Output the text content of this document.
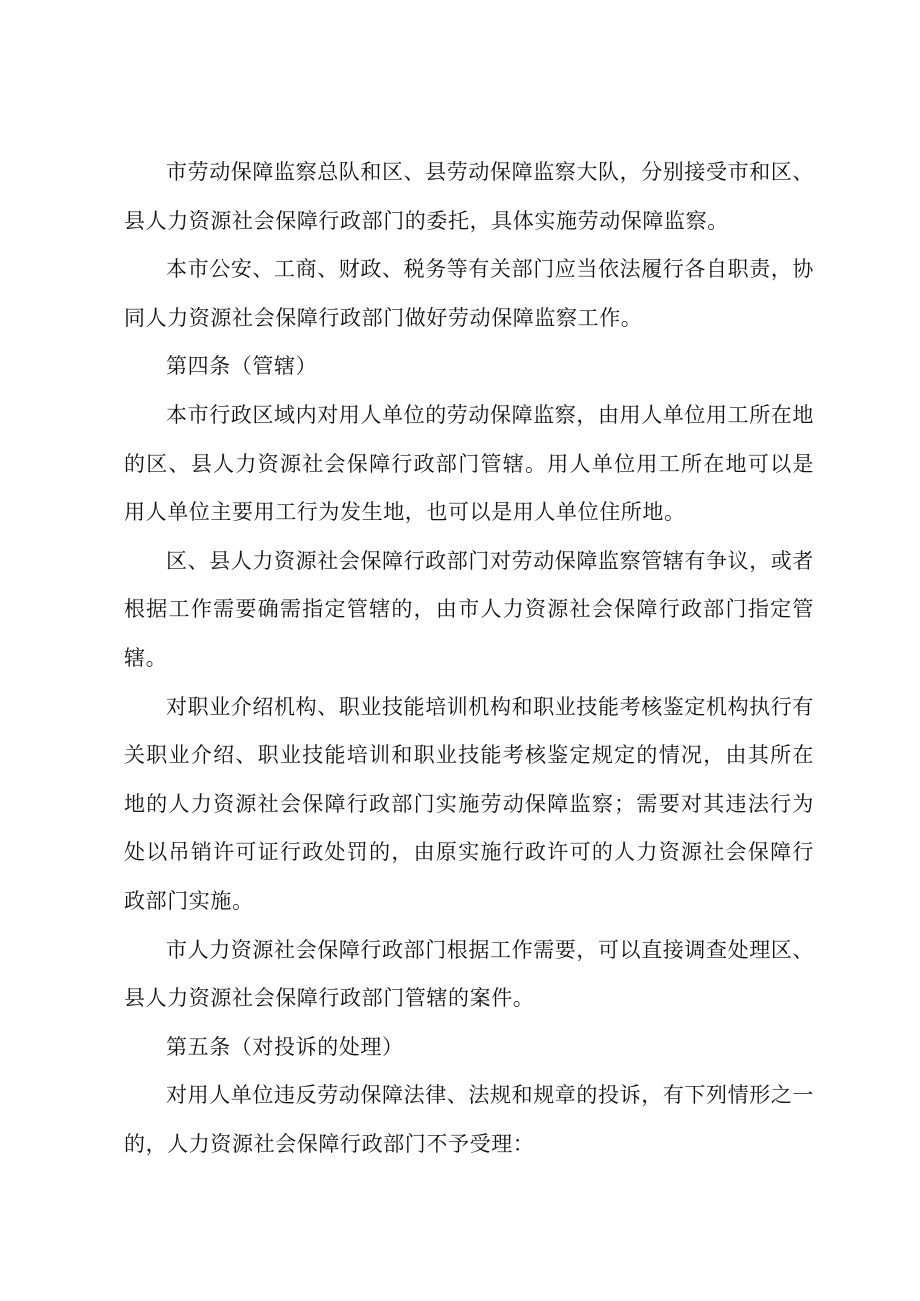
市劳动保障监察总队和区、县劳动保障监察大队，分别接受市和区、县人力资源社会保障行政部门的委托，具体实施劳动保障监察。

本市公安、工商、财政、税务等有关部门应当依法履行各自职责，协同人力资源社会保障行政部门做好劳动保障监察工作。

第四条（管辖）

本市行政区域内对用人单位的劳动保障监察，由用人单位用工所在地的区、县人力资源社会保障行政部门管辖。用人单位用工所在地可以是用人单位主要用工行为发生地，也可以是用人单位住所地。

区、县人力资源社会保障行政部门对劳动保障监察管辖有争议，或者根据工作需要确需指定管辖的，由市人力资源社会保障行政部门指定管辖。

对职业介绍机构、职业技能培训机构和职业技能考核鉴定机构执行有关职业介绍、职业技能培训和职业技能考核鉴定规定的情况，由其所在地的人力资源社会保障行政部门实施劳动保障监察；需要对其违法行为处以吊销许可证行政处罚的，由原实施行政许可的人力资源社会保障行政部门实施。

市人力资源社会保障行政部门根据工作需要，可以直接调查处理区、县人力资源社会保障行政部门管辖的案件。

第五条（对投诉的处理）

对用人单位违反劳动保障法律、法规和规章的投诉，有下列情形之一的，人力资源社会保障行政部门不予受理：
